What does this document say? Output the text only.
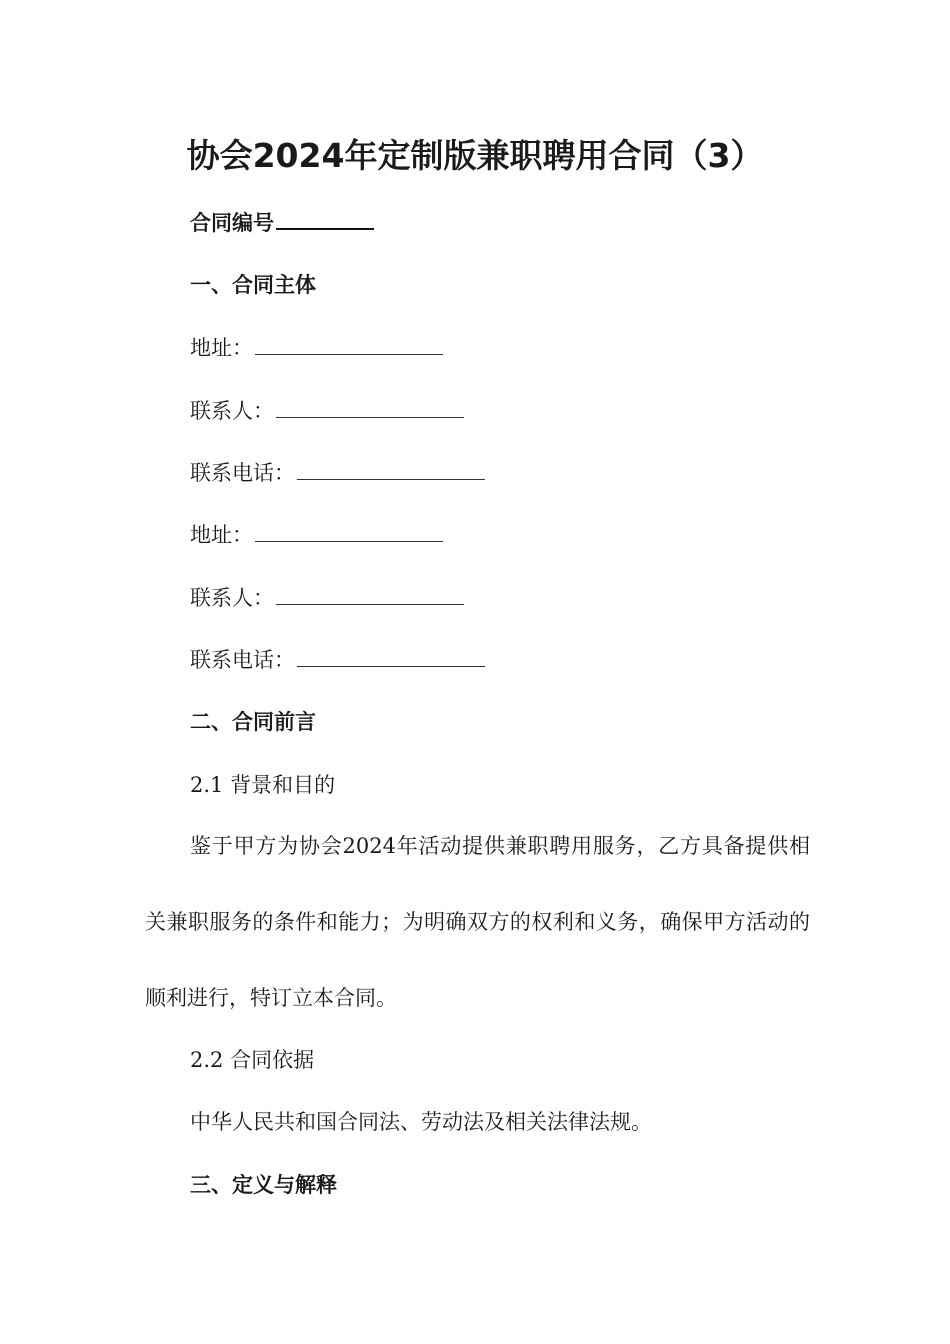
协会2024年定制版兼职聘用合同（3）
合同编号
一、合同主体
地址：
联系人：
联系电话：
地址：
联系人：
联系电话：
二、合同前言
2.1 背景和目的
鉴于甲方为协会2024年活动提供兼职聘用服务，乙方具备提供相关兼职服务的条件和能力；为明确双方的权利和义务，确保甲方活动的顺利进行，特订立本合同。
2.2 合同依据
中华人民共和国合同法、劳动法及相关法律法规。
三、定义与解释
